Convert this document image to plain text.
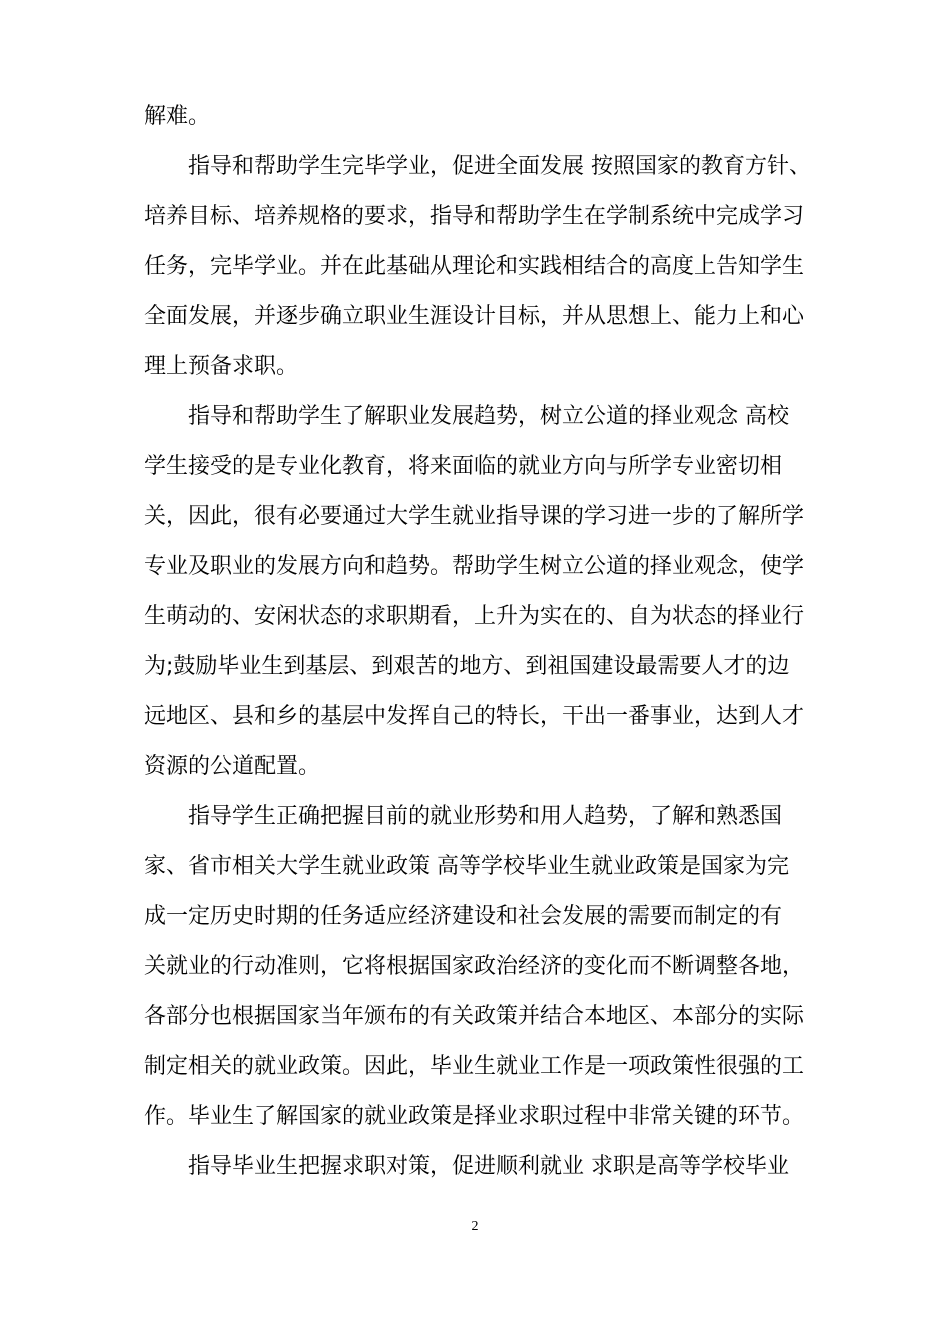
解难。
指导和帮助学生完毕学业，促进全面发展 按照国家的教育方针、
培养目标、培养规格的要求，指导和帮助学生在学制系统中完成学习
任务，完毕学业。并在此基础从理论和实践相结合的高度上告知学生
全面发展，并逐步确立职业生涯设计目标，并从思想上、能力上和心
理上预备求职。
指导和帮助学生了解职业发展趋势，树立公道的择业观念 高校
学生接受的是专业化教育，将来面临的就业方向与所学专业密切相
关，因此，很有必要通过大学生就业指导课的学习进一步的了解所学
专业及职业的发展方向和趋势。帮助学生树立公道的择业观念，使学
生萌动的、安闲状态的求职期看，上升为实在的、自为状态的择业行
为;鼓励毕业生到基层、到艰苦的地方、到祖国建设最需要人才的边
远地区、县和乡的基层中发挥自己的特长，干出一番事业，达到人才
资源的公道配置。
指导学生正确把握目前的就业形势和用人趋势，了解和熟悉国
家、省市相关大学生就业政策 高等学校毕业生就业政策是国家为完
成一定历史时期的任务适应经济建设和社会发展的需要而制定的有
关就业的行动准则，它将根据国家政治经济的变化而不断调整各地，
各部分也根据国家当年颁布的有关政策并结合本地区、本部分的实际
制定相关的就业政策。因此，毕业生就业工作是一项政策性很强的工
作。毕业生了解国家的就业政策是择业求职过程中非常关键的环节。
指导毕业生把握求职对策，促进顺利就业 求职是高等学校毕业
2
